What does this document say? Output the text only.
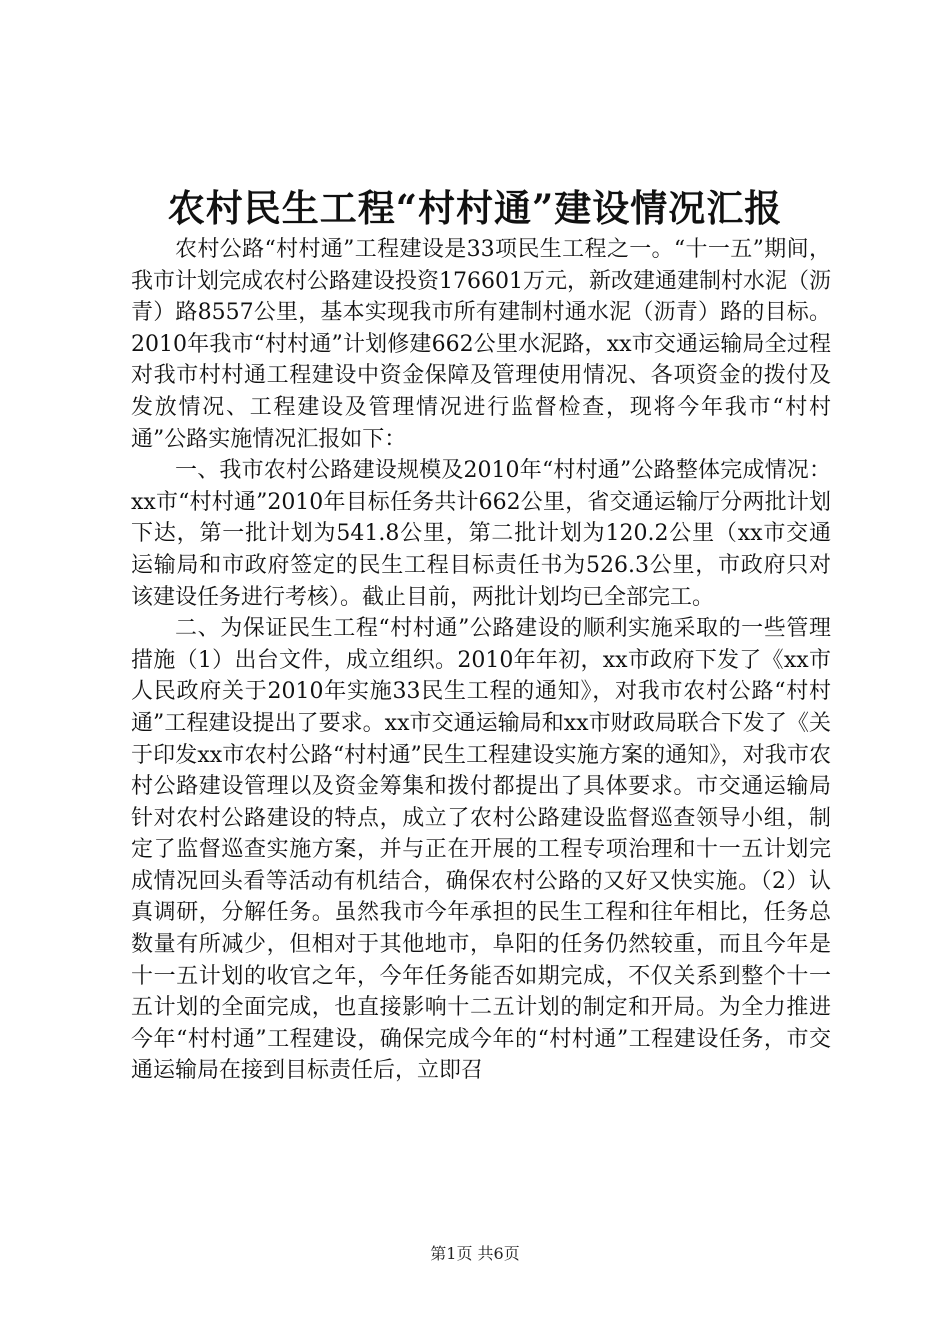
农村民生工程“村村通”建设情况汇报

农村公路“村村通”工程建设是33项民生工程之一。“十一五”期间，我市计划完成农村公路建设投资176601万元，新改建通建制村水泥（沥青）路8557公里，基本实现我市所有建制村通水泥（沥青）路的目标。2010年我市“村村通”计划修建662公里水泥路，xx市交通运输局全过程对我市村村通工程建设中资金保障及管理使用情况、各项资金的拨付及发放情况、工程建设及管理情况进行监督检查，现将今年我市“村村通”公路实施情况汇报如下：

一、我市农村公路建设规模及2010年“村村通”公路整体完成情况：xx市“村村通”2010年目标任务共计662公里，省交通运输厅分两批计划下达，第一批计划为541.8公里，第二批计划为120.2公里（xx市交通运输局和市政府签定的民生工程目标责任书为526.3公里，市政府只对该建设任务进行考核）。截止目前，两批计划均已全部完工。

二、为保证民生工程“村村通”公路建设的顺利实施采取的一些管理措施（1）出台文件，成立组织。2010年年初，xx市政府下发了《xx市人民政府关于2010年实施33民生工程的通知》，对我市农村公路“村村通”工程建设提出了要求。xx市交通运输局和xx市财政局联合下发了《关于印发xx市农村公路“村村通”民生工程建设实施方案的通知》，对我市农村公路建设管理以及资金筹集和拨付都提出了具体要求。市交通运输局针对农村公路建设的特点，成立了农村公路建设监督巡查领导小组，制定了监督巡查实施方案，并与正在开展的工程专项治理和十一五计划完成情况回头看等活动有机结合，确保农村公路的又好又快实施。（2）认真调研，分解任务。虽然我市今年承担的民生工程和往年相比，任务总数量有所减少，但相对于其他地市，阜阳的任务仍然较重，而且今年是十一五计划的收官之年，今年任务能否如期完成，不仅关系到整个十一五计划的全面完成，也直接影响十二五计划的制定和开局。为全力推进今年“村村通”工程建设，确保完成今年的“村村通”工程建设任务，市交通运输局在接到目标责任后，立即召

第1页 共6页
